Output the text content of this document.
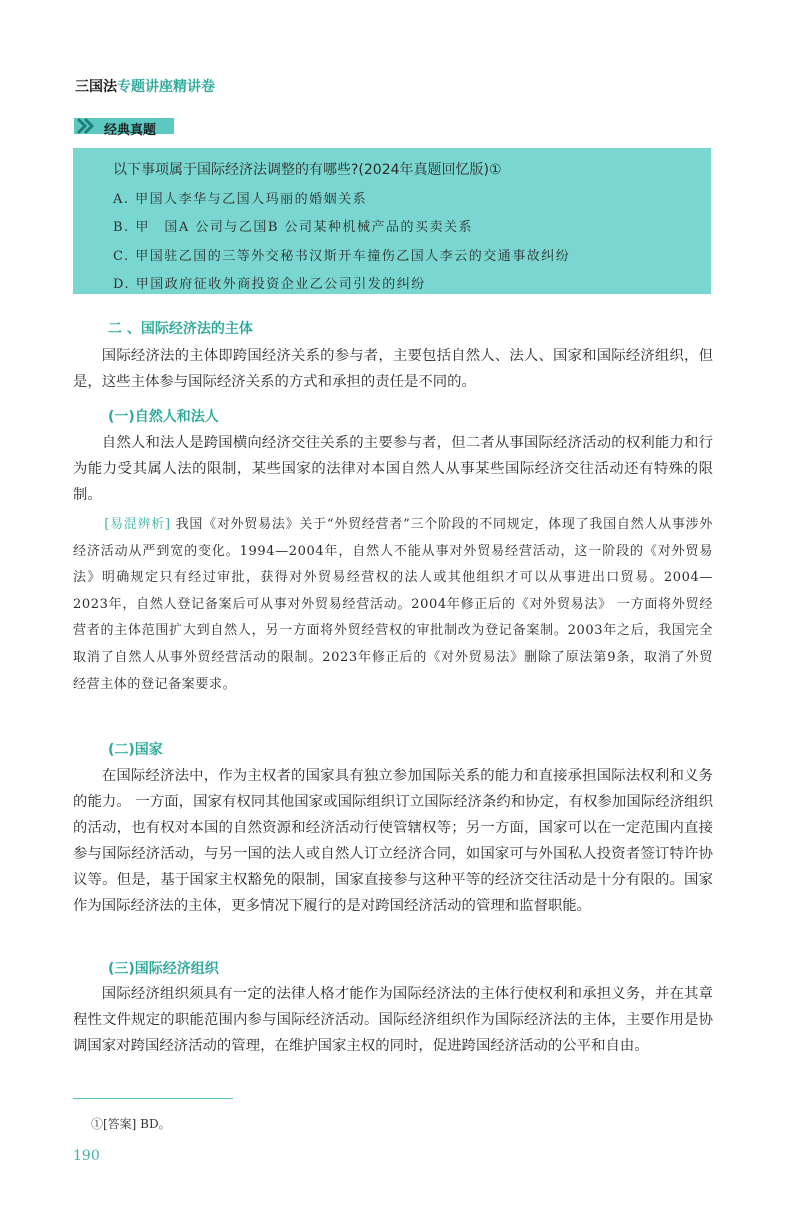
三国法专题讲座精讲卷
经典真题
以下事项属于国际经济法调整的有哪些?(2024年真题回忆版)①
A. 甲国人李华与乙国人玛丽的婚姻关系
B. 甲　国A 公司与乙国B 公司某种机械产品的买卖关系
C. 甲国驻乙国的三等外交秘书汉斯开车撞伤乙国人李云的交通事故纠纷
D. 甲国政府征收外商投资企业乙公司引发的纠纷
二 、国际经济法的主体
国际经济法的主体即跨国经济关系的参与者，主要包括自然人、法人、国家和国际经济组织，但是，这些主体参与国际经济关系的方式和承担的责任是不同的。
(一)自然人和法人
自然人和法人是跨国横向经济交往关系的主要参与者，但二者从事国际经济活动的权利能力和行为能力受其属人法的限制，某些国家的法律对本国自然人从事某些国际经济交往活动还有特殊的限制。
[易混辨析] 我国《对外贸易法》关于“外贸经营者”三个阶段的不同规定，体现了我国自然人从事涉外经济活动从严到宽的变化。1994—2004年，自然人不能从事对外贸易经营活动，这一阶段的《对外贸易法》明确规定只有经过审批，获得对外贸易经营权的法人或其他组织才可以从事进出口贸易。2004—2023年，自然人登记备案后可从事对外贸易经营活动。2004年修正后的《对外贸易法》 一方面将外贸经营者的主体范围扩大到自然人，另一方面将外贸经营权的审批制改为登记备案制。2003年之后，我国完全取消了自然人从事外贸经营活动的限制。2023年修正后的《对外贸易法》删除了原法第9条，取消了外贸经营主体的登记备案要求。
(二)国家
在国际经济法中，作为主权者的国家具有独立参加国际关系的能力和直接承担国际法权利和义务的能力。 一方面，国家有权同其他国家或国际组织订立国际经济条约和协定，有权参加国际经济组织的活动，也有权对本国的自然资源和经济活动行使管辖权等；另一方面，国家可以在一定范围内直接参与国际经济活动，与另一国的法人或自然人订立经济合同，如国家可与外国私人投资者签订特许协议等。但是，基于国家主权豁免的限制，国家直接参与这种平等的经济交往活动是十分有限的。国家作为国际经济法的主体，更多情况下履行的是对跨国经济活动的管理和监督职能。
(三)国际经济组织
国际经济组织须具有一定的法律人格才能作为国际经济法的主体行使权利和承担义务，并在其章程性文件规定的职能范围内参与国际经济活动。国际经济组织作为国际经济法的主体，主要作用是协调国家对跨国经济活动的管理，在维护国家主权的同时，促进跨国经济活动的公平和自由。
①[答案] BD。
190
